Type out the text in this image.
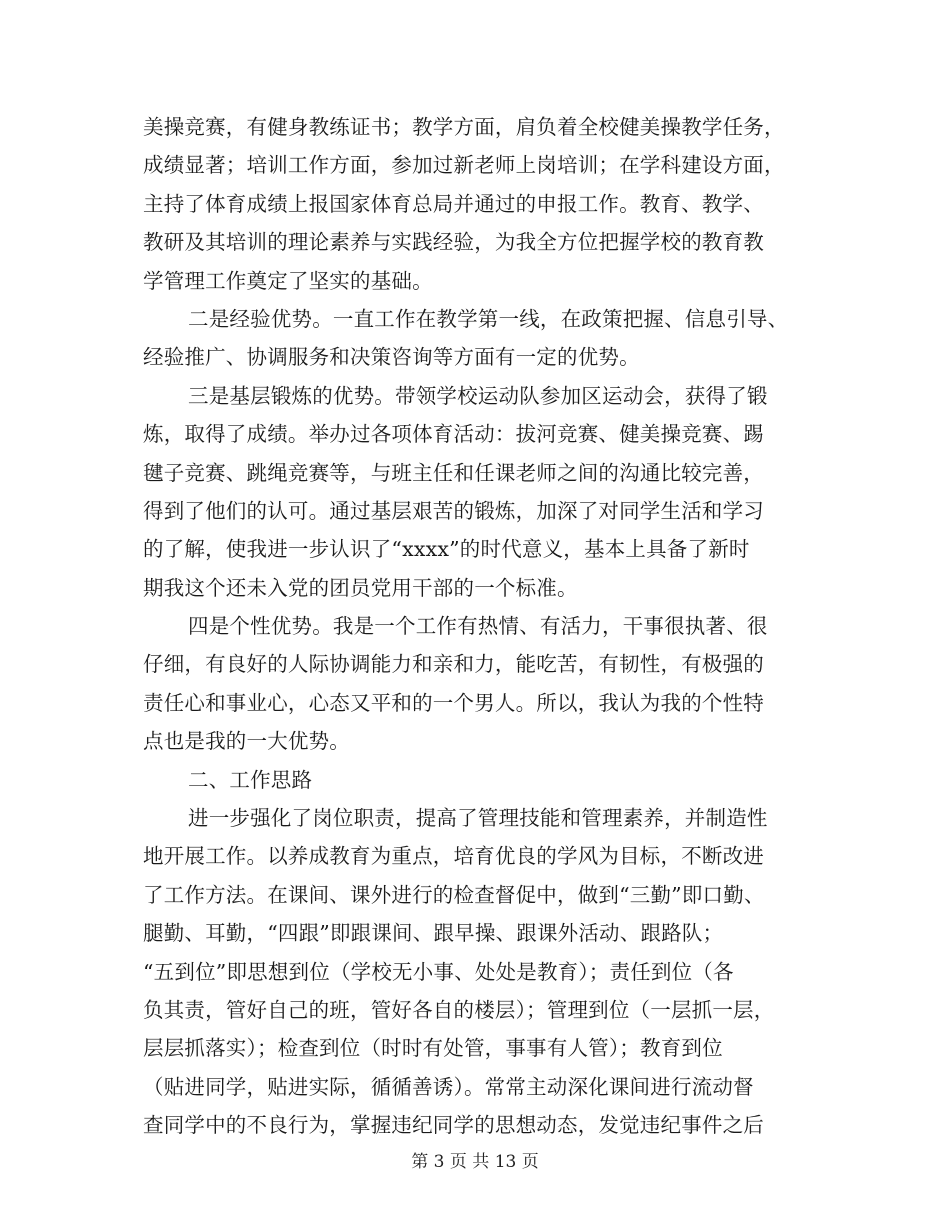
美操竞赛，有健身教练证书；教学方面，肩负着全校健美操教学任务，
成绩显著；培训工作方面，参加过新老师上岗培训；在学科建设方面，
主持了体育成绩上报国家体育总局并通过的申报工作。教育、教学、
教研及其培训的理论素养与实践经验，为我全方位把握学校的教育教
学管理工作奠定了坚实的基础。
二是经验优势。一直工作在教学第一线，在政策把握、信息引导、
经验推广、协调服务和决策咨询等方面有一定的优势。
三是基层锻炼的优势。带领学校运动队参加区运动会，获得了锻
炼，取得了成绩。举办过各项体育活动：拔河竞赛、健美操竞赛、踢
毽子竞赛、跳绳竞赛等，与班主任和任课老师之间的沟通比较完善，
得到了他们的认可。通过基层艰苦的锻炼，加深了对同学生活和学习
的了解，使我进一步认识了“xxxx”的时代意义，基本上具备了新时
期我这个还未入党的团员党用干部的一个标准。
四是个性优势。我是一个工作有热情、有活力，干事很执著、很
仔细，有良好的人际协调能力和亲和力，能吃苦，有韧性，有极强的
责任心和事业心，心态又平和的一个男人。所以，我认为我的个性特
点也是我的一大优势。
二、工作思路
进一步强化了岗位职责，提高了管理技能和管理素养，并制造性
地开展工作。以养成教育为重点，培育优良的学风为目标，不断改进
了工作方法。在课间、课外进行的检查督促中，做到“三勤”即口勤、
腿勤、耳勤，“四跟”即跟课间、跟早操、跟课外活动、跟路队；
“五到位”即思想到位（学校无小事、处处是教育）；责任到位（各
负其责，管好自己的班，管好各自的楼层）；管理到位（一层抓一层，
层层抓落实）；检查到位（时时有处管，事事有人管）；教育到位
（贴进同学，贴进实际，循循善诱）。常常主动深化课间进行流动督
查同学中的不良行为，掌握违纪同学的思想动态，发觉违纪事件之后
第 3 页 共 13 页
